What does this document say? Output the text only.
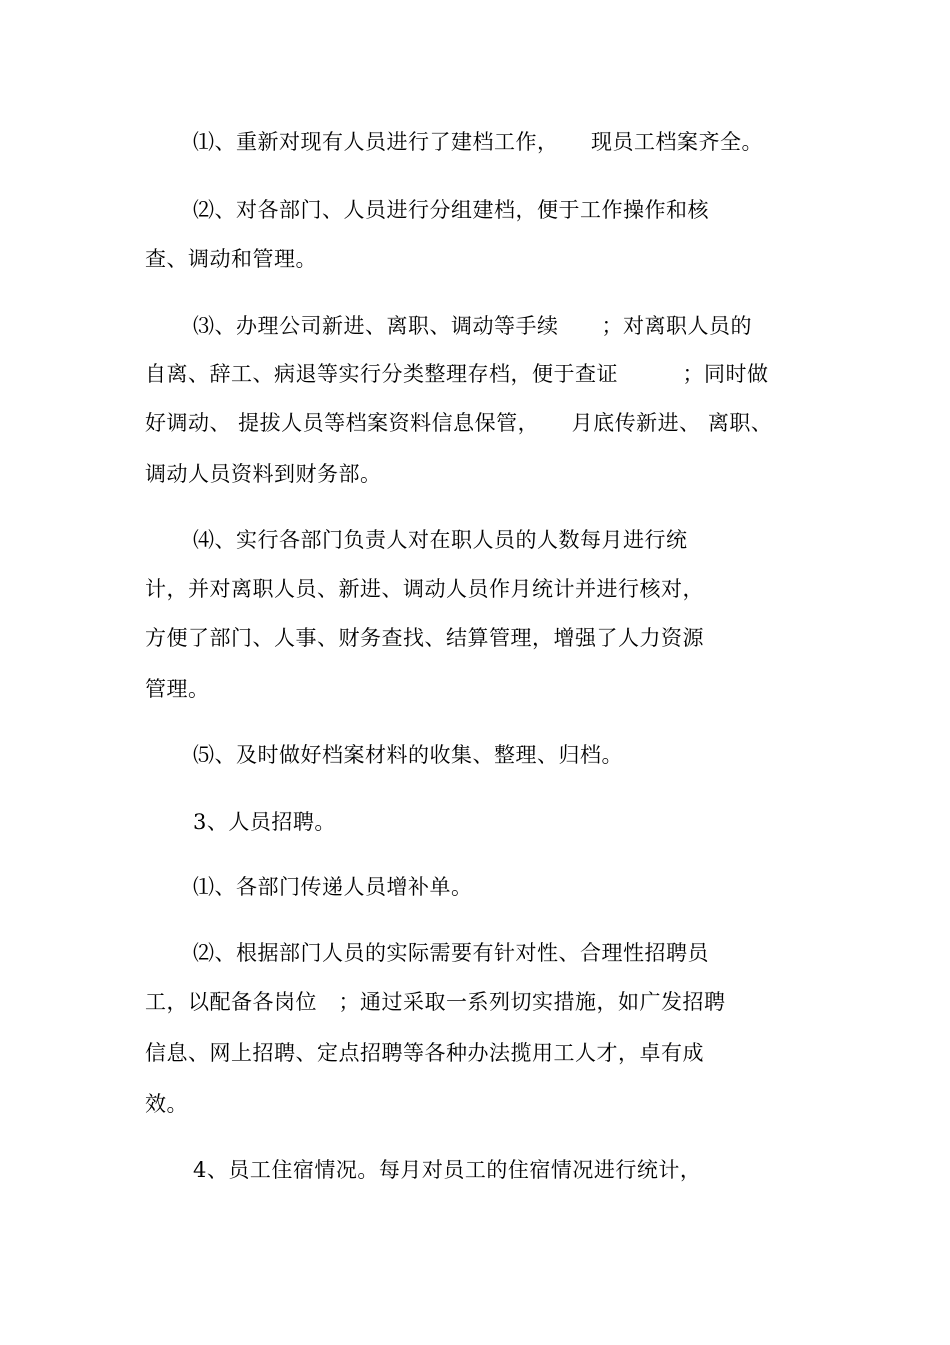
⑴、重新对现有人员进行了建档工作，　　现员工档案齐全。
⑵、对各部门、人员进行分组建档，便于工作操作和核
查、调动和管理。
⑶、办理公司新进、离职、调动等手续　　；对离职人员的
自离、辞工、病退等实行分类整理存档，便于查证　　　；同时做
好调动、 提拔人员等档案资料信息保管，　　月底传新进、 离职、
调动人员资料到财务部。
⑷、实行各部门负责人对在职人员的人数每月进行统
计，并对离职人员、新进、调动人员作月统计并进行核对，
方便了部门、人事、财务查找、结算管理，增强了人力资源
管理。
⑸、及时做好档案材料的收集、整理、归档。
3、人员招聘。
⑴、各部门传递人员增补单。
⑵、根据部门人员的实际需要有针对性、合理性招聘员
工，以配备各岗位　；通过采取一系列切实措施，如广发招聘
信息、网上招聘、定点招聘等各种办法揽用工人才，卓有成
效。
4、员工住宿情况。每月对员工的住宿情况进行统计，
